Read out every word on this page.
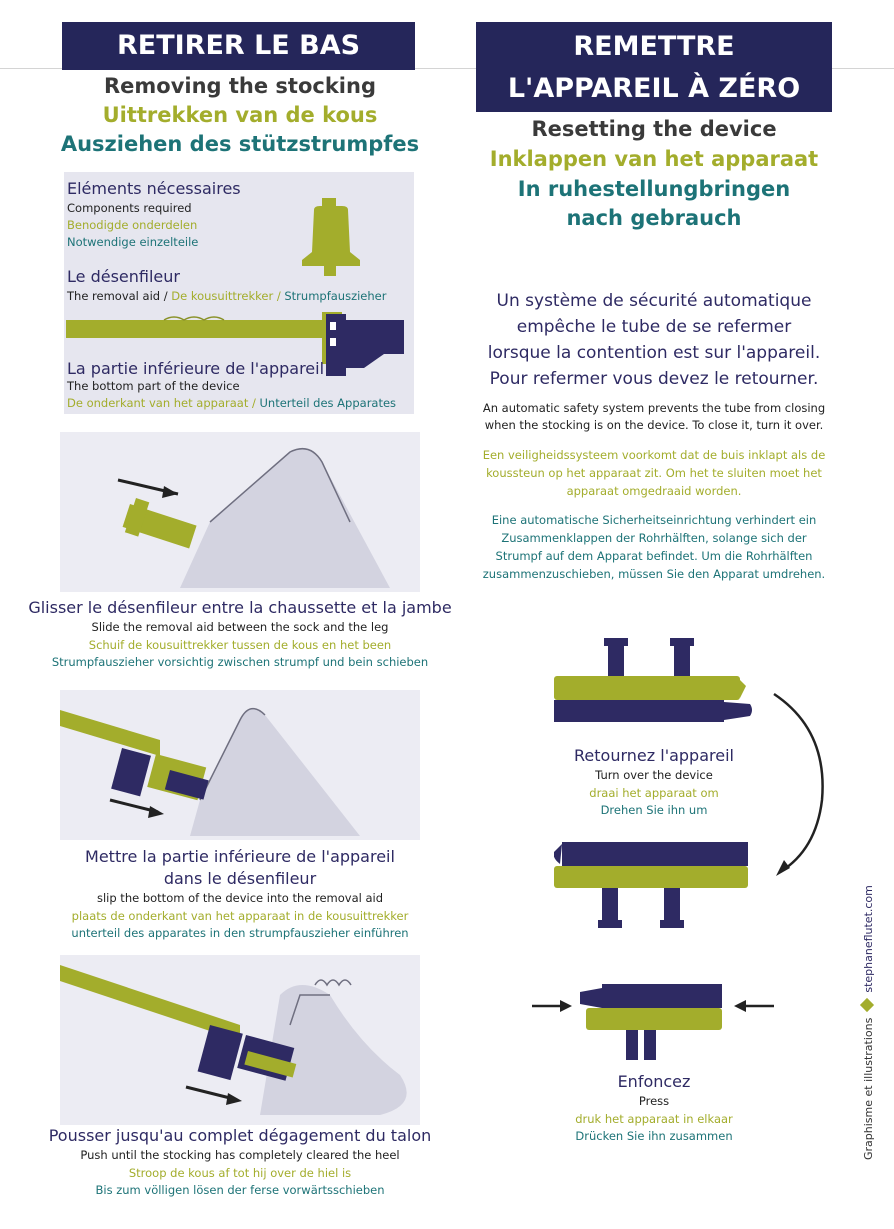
RETIRER LE BAS
Removing the stocking
Uittrekken van de kous
Ausziehen des stützstrumpfes
Eléments nécessaires
Components required
Benodigde onderdelen
Notwendige einzelteile
Le désenfileur
The removal aid / De kousuittrekker / Strumpfauszieher
La partie inférieure de l'appareil
The bottom part of the device
De onderkant van het apparaat / Unterteil des Apparates
Glisser le désenfileur entre la chaussette et la jambe
Slide the removal aid between the sock and the leg
Schuif de kousuittrekker tussen de kous en het been
Strumpfauszieher vorsichtig zwischen strumpf und bein schieben
Mettre la partie inférieure de l'appareil
dans le désenfileur
slip the bottom of the device into the removal aid
plaats de onderkant van het apparaat in de kousuittrekker
unterteil des apparates in den strumpfauszieher einführen
Pousser jusqu'au complet dégagement du talon
Push until the stocking has completely cleared the heel
Stroop de kous af tot hij over de hiel is
Bis zum völligen lösen der ferse vorwärtsschieben
REMETTRE
L'APPAREIL À ZÉRO
Resetting the device
Inklappen van het apparaat
In ruhestellungbringen
nach gebrauch
Un système de sécurité automatique
empêche le tube de se refermer
lorsque la contention est sur l'appareil.
Pour refermer vous devez le retourner.
An automatic safety system prevents the tube from closing
when the stocking is on the device. To close it, turn it over.
Een veiligheidssysteem voorkomt dat de buis inklapt als de
koussteun op het apparaat zit. Om het te sluiten moet het
apparaat omgedraaid worden.
Eine automatische Sicherheitseinrichtung verhindert ein
Zusammenklappen der Rohrhälften, solange sich der
Strumpf auf dem Apparat befindet. Um die Rohrhälften
zusammenzuschieben, müssen Sie den Apparat umdrehen.
Retournez l'appareil
Turn over the device
draai het apparaat om
Drehen Sie ihn um
Enfoncez
Press
druk het apparaat in elkaar
Drücken Sie ihn zusammen	Graphisme et illustrations  stephaneflutet.com
